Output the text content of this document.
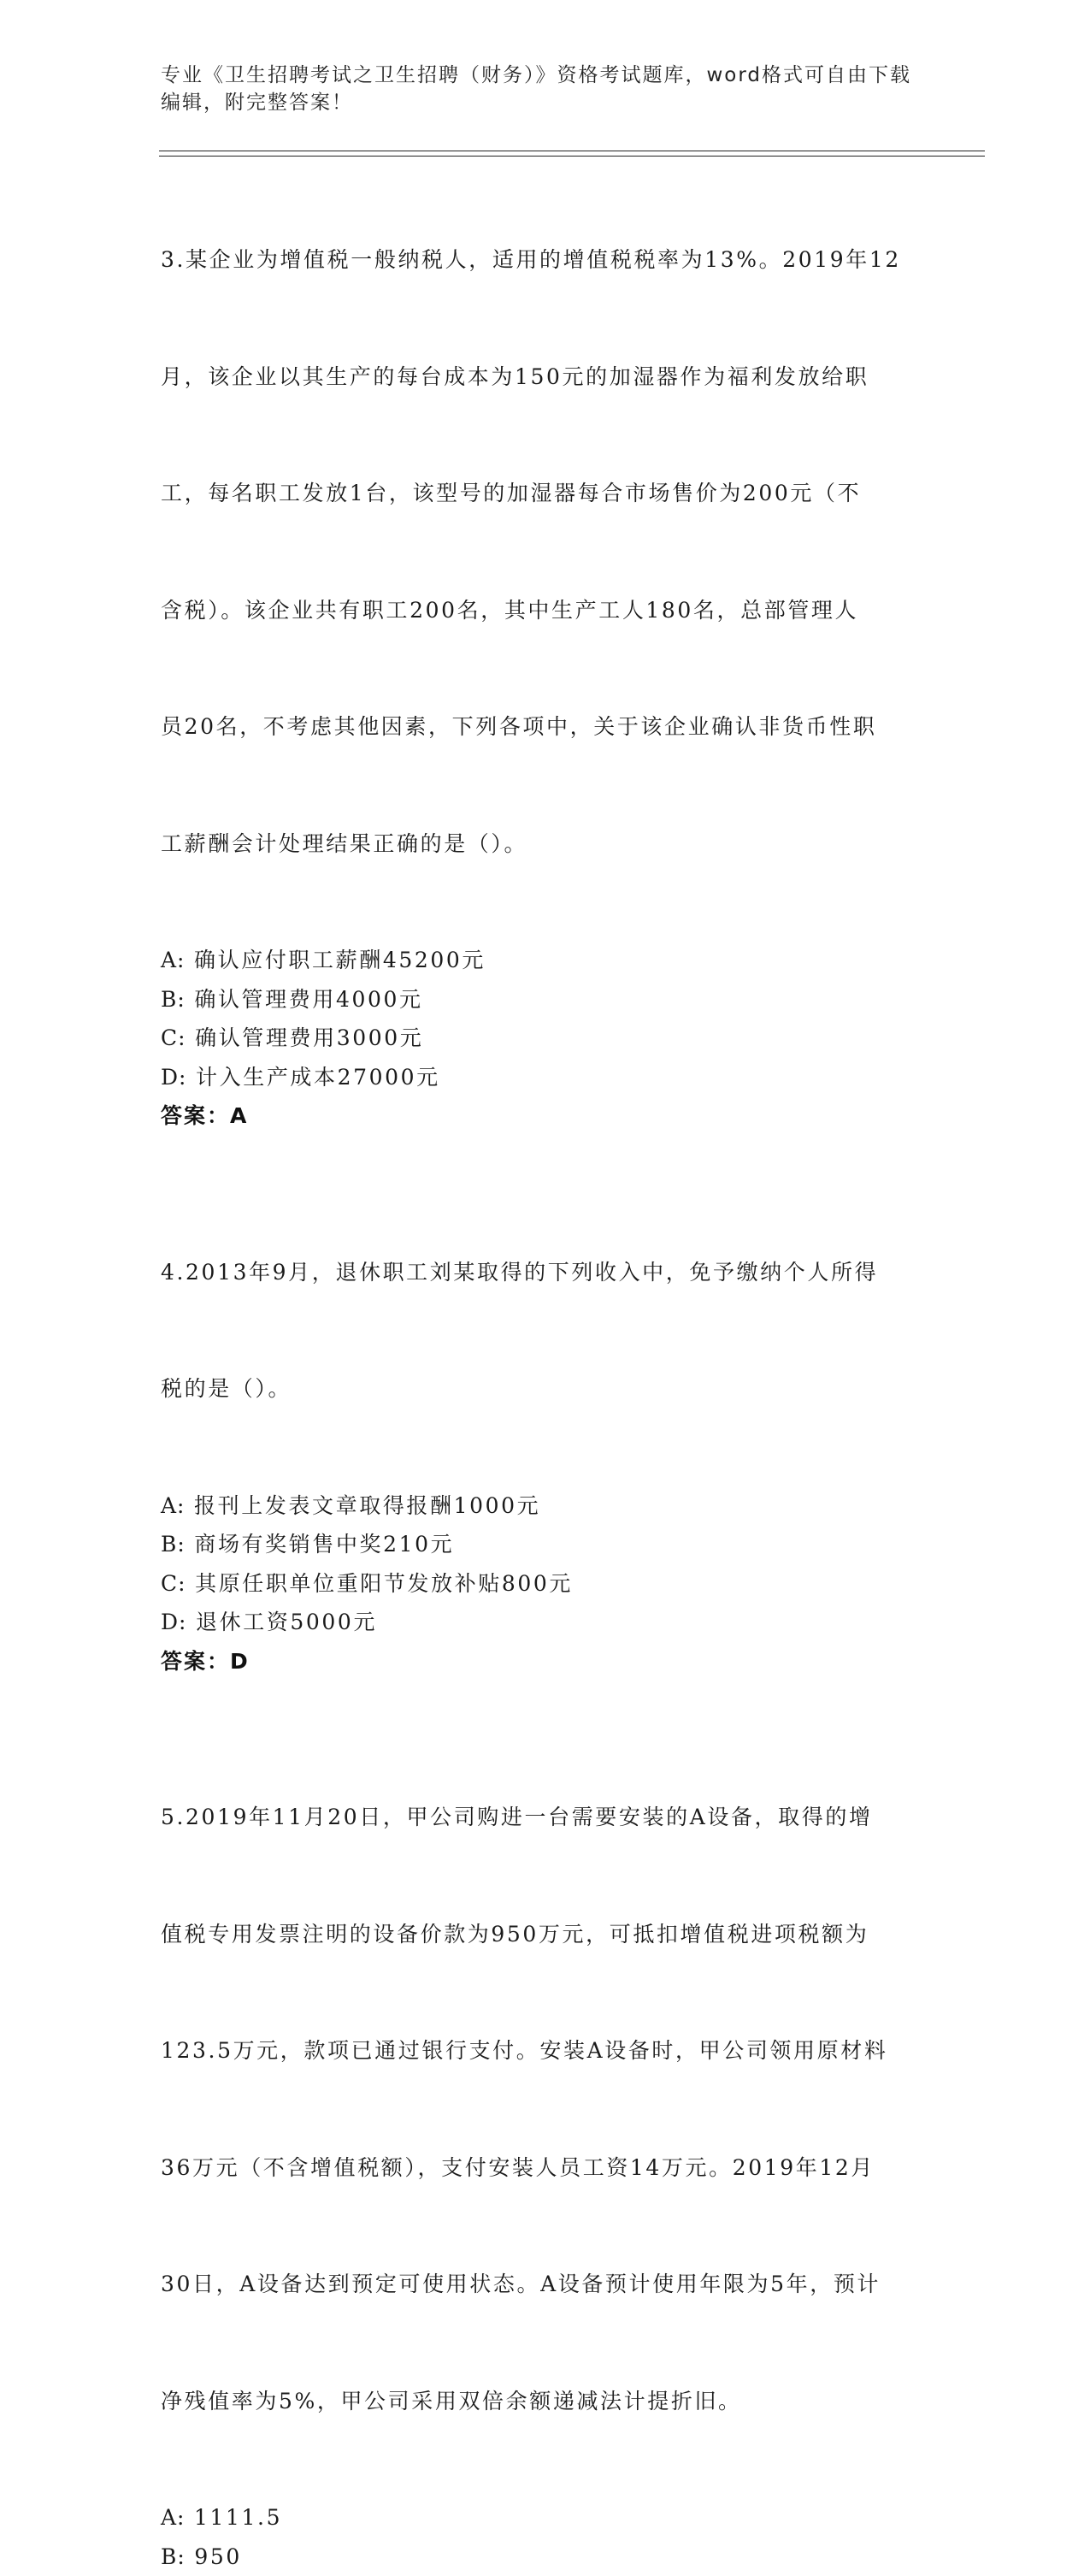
专业《卫生招聘考试之卫生招聘（财务）》资格考试题库，word格式可自由下载
编辑，附完整答案！

3.某企业为增值税一般纳税人，适用的增值税税率为13%。2019年12

月，该企业以其生产的每台成本为150元的加湿器作为福利发放给职

工，每名职工发放1台，该型号的加湿器每合市场售价为200元（不

含税）。该企业共有职工200名，其中生产工人180名，总部管理人

员20名，不考虑其他因素，下列各项中，关于该企业确认非货币性职

工薪酬会计处理结果正确的是（）。

A: 确认应付职工薪酬45200元
B: 确认管理费用4000元
C: 确认管理费用3000元
D: 计入生产成本27000元
答案：A

4.2013年9月，退休职工刘某取得的下列收入中，免予缴纳个人所得

税的是（）。

A: 报刊上发表文章取得报酬1000元
B: 商场有奖销售中奖210元
C: 其原任职单位重阳节发放补贴800元
D: 退休工资5000元
答案：D

5.2019年11月20日，甲公司购进一台需要安装的A设备，取得的增

值税专用发票注明的设备价款为950万元，可抵扣增值税进项税额为

123.5万元，款项已通过银行支付。安装A设备时，甲公司领用原材料

36万元（不含增值税额），支付安装人员工资14万元。2019年12月

30日，A设备达到预定可使用状态。A设备预计使用年限为5年，预计

净残值率为5%，甲公司采用双倍余额递减法计提折旧。

A: 1111.5
B: 950
